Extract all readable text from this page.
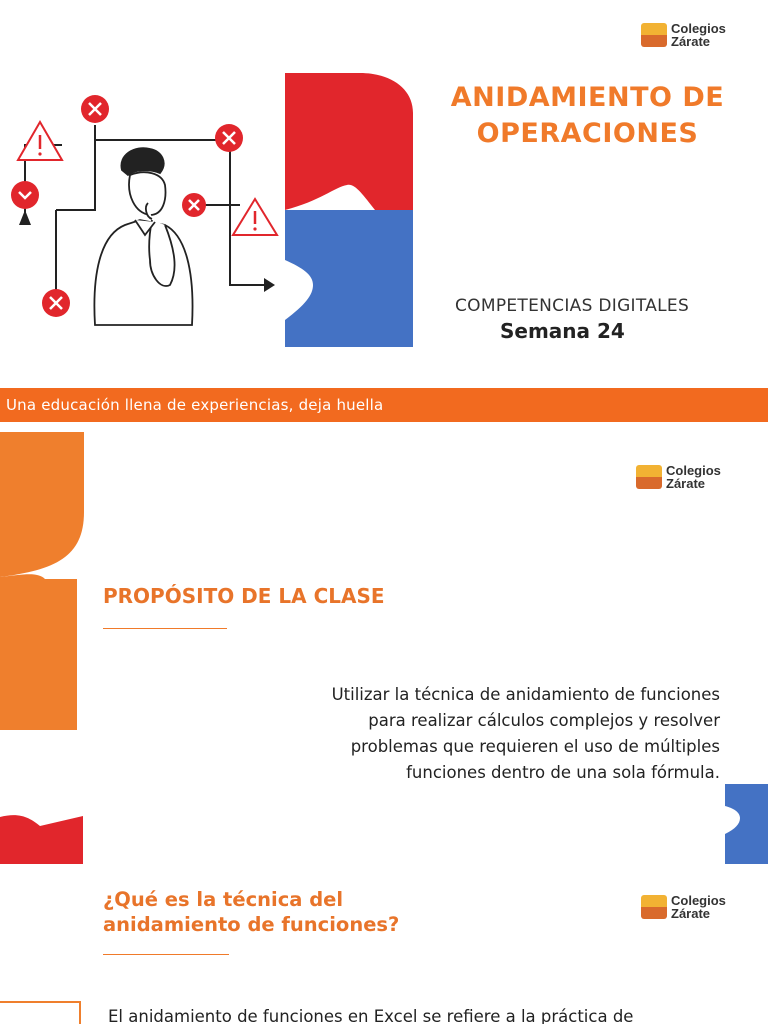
Colegios
Zárate
ANIDAMIENTO DE
OPERACIONES
COMPETENCIAS DIGITALES
Semana 24
Una educación llena de experiencias, deja huella
Colegios
Zárate
PROPÓSITO DE LA CLASE
Utilizar la técnica de anidamiento de funciones
para realizar cálculos complejos y resolver
problemas que requieren el uso de múltiples
funciones dentro de una sola fórmula.
Colegios
Zárate
¿Qué es la técnica del
anidamiento de funciones?
El anidamiento de funciones en Excel se refiere a la práctica de
